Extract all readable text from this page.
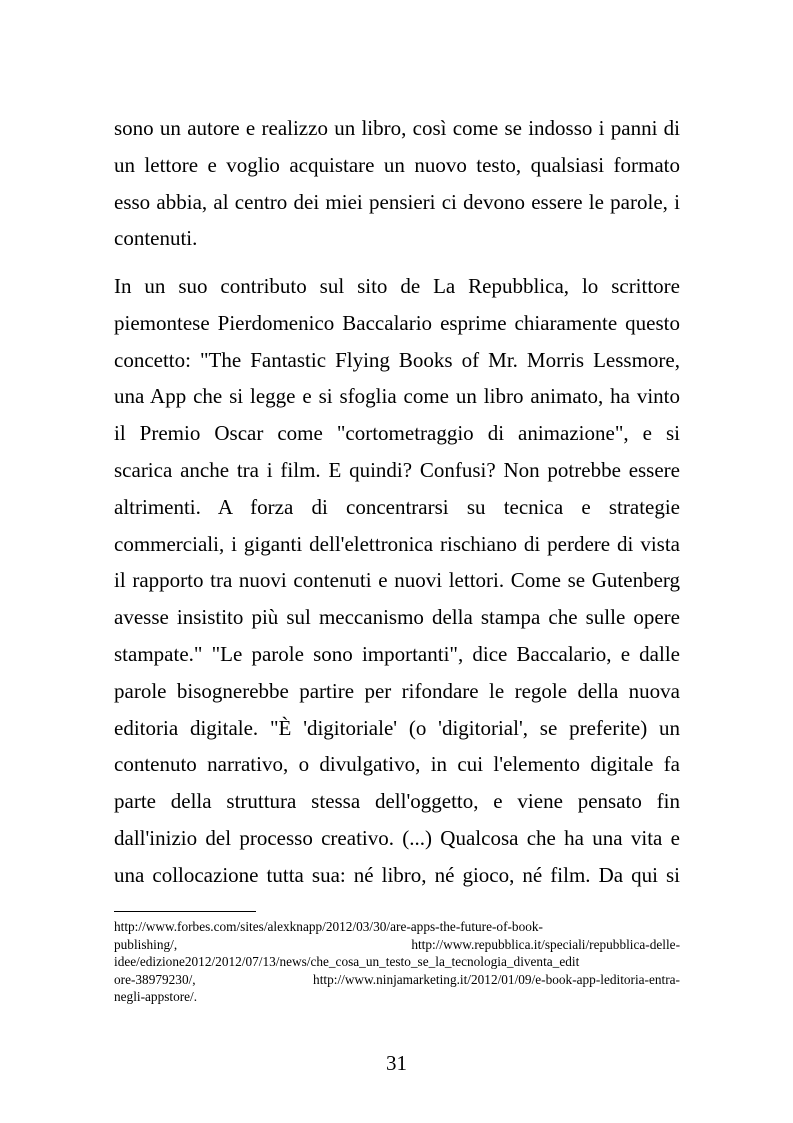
sono un autore e realizzo un libro, così come se indosso i panni di
un lettore e voglio acquistare un nuovo testo, qualsiasi formato
esso abbia, al centro dei miei pensieri ci devono essere le parole, i
contenuti.
In un suo contributo sul sito de La Repubblica, lo scrittore
piemontese Pierdomenico Baccalario esprime chiaramente questo
concetto: "The Fantastic Flying Books of Mr. Morris Lessmore,
una App che si legge e si sfoglia come un libro animato, ha vinto
il Premio Oscar come "cortometraggio di animazione", e si
scarica anche tra i film. E quindi? Confusi? Non potrebbe essere
altrimenti. A forza di concentrarsi su tecnica e strategie
commerciali, i giganti dell'elettronica rischiano di perdere di vista
il rapporto tra nuovi contenuti e nuovi lettori. Come se Gutenberg
avesse insistito più sul meccanismo della stampa che sulle opere
stampate." "Le parole sono importanti", dice Baccalario, e dalle
parole bisognerebbe partire per rifondare le regole della nuova
editoria digitale. "È 'digitoriale' (o 'digitorial', se preferite) un
contenuto narrativo, o divulgativo, in cui l'elemento digitale fa
parte della struttura stessa dell'oggetto, e viene pensato fin
dall'inizio del processo creativo. (...) Qualcosa che ha una vita e
una collocazione tutta sua: né libro, né gioco, né film. Da qui si
http://www.forbes.com/sites/alexknapp/2012/03/30/are-apps-the-future-of-book-
publishing/, http://www.repubblica.it/speciali/repubblica-delle-
idee/edizione2012/2012/07/13/news/che_cosa_un_testo_se_la_tecnologia_diventa_edit
ore-38979230/, http://www.ninjamarketing.it/2012/01/09/e-book-app-leditoria-entra-
negli-appstore/.
31
